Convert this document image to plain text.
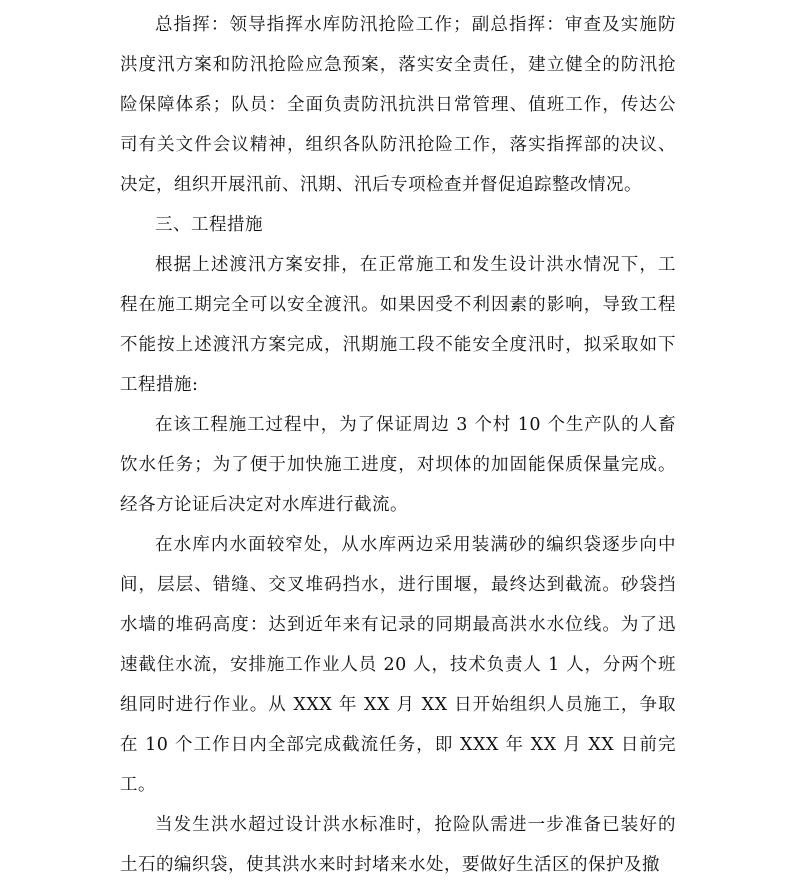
总指挥：领导指挥水库防汛抢险工作；副总指挥：审查及实施防洪度汛方案和防汛抢险应急预案，落实安全责任，建立健全的防汛抢险保障体系；队员：全面负责防汛抗洪日常管理、值班工作，传达公司有关文件会议精神，组织各队防汛抢险工作，落实指挥部的决议、决定，组织开展汛前、汛期、汛后专项检查并督促追踪整改情况。

三、工程措施

根据上述渡汛方案安排，在正常施工和发生设计洪水情况下，工程在施工期完全可以安全渡汛。如果因受不利因素的影响，导致工程不能按上述渡汛方案完成，汛期施工段不能安全度汛时，拟采取如下工程措施:

在该工程施工过程中，为了保证周边 3 个村 10 个生产队的人畜饮水任务；为了便于加快施工进度，对坝体的加固能保质保量完成。经各方论证后决定对水库进行截流。

在水库内水面较窄处，从水库两边采用装满砂的编织袋逐步向中间，层层、错缝、交叉堆码挡水，进行围堰，最终达到截流。砂袋挡水墙的堆码高度：达到近年来有记录的同期最高洪水水位线。为了迅速截住水流，安排施工作业人员 20 人，技术负责人 1 人，分两个班组同时进行作业。从 XXX 年 XX 月 XX 日开始组织人员施工，争取在 10 个工作日内全部完成截流任务，即 XXX 年 XX 月 XX 日前完工。

当发生洪水超过设计洪水标准时，抢险队需进一步准备已装好的土石的编织袋，使其洪水来时封堵来水处，要做好生活区的保护及撤
